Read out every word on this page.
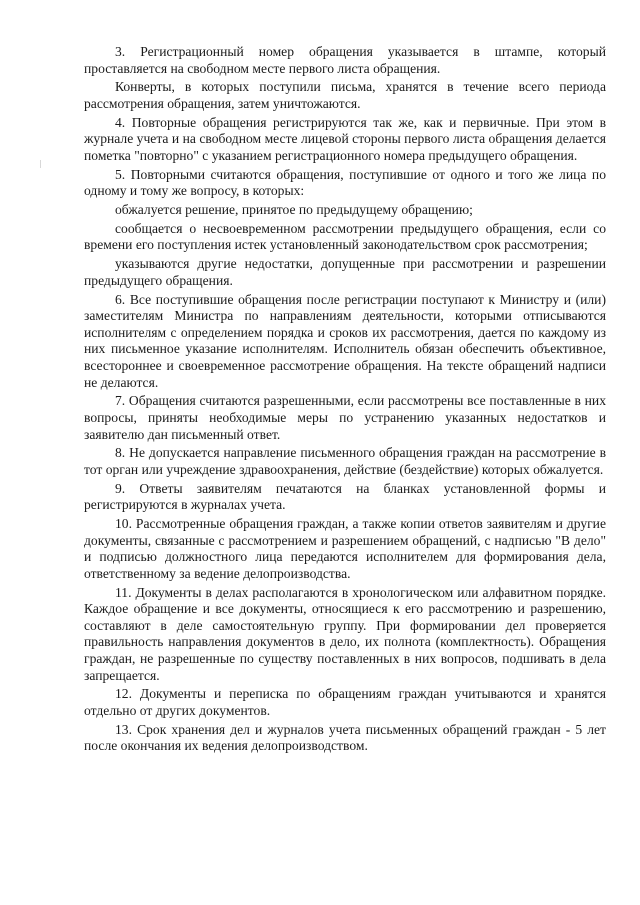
3. Регистрационный номер обращения указывается в штампе, который проставляется на свободном месте первого листа обращения.

Конверты, в которых поступили письма, хранятся в течение всего периода рассмотрения обращения, затем уничтожаются.

4. Повторные обращения регистрируются так же, как и первичные. При этом в журнале учета и на свободном месте лицевой стороны первого листа обращения делается пометка "повторно" с указанием регистрационного номера предыдущего обращения.

5. Повторными считаются обращения, поступившие от одного и того же лица по одному и тому же вопросу, в которых:

обжалуется решение, принятое по предыдущему обращению;

сообщается о несвоевременном рассмотрении предыдущего обращения, если со времени его поступления истек установленный законодательством срок рассмотрения;

указываются другие недостатки, допущенные при рассмотрении и разрешении предыдущего обращения.

6. Все поступившие обращения после регистрации поступают к Министру и (или) заместителям Министра по направлениям деятельности, которыми отписываются исполнителям с определением порядка и сроков их рассмотрения, дается по каждому из них письменное указание исполнителям. Исполнитель обязан обеспечить объективное, всестороннее и своевременное рассмотрение обращения. На тексте обращений надписи не делаются.

7. Обращения считаются разрешенными, если рассмотрены все поставленные в них вопросы, приняты необходимые меры по устранению указанных недостатков и заявителю дан письменный ответ.

8. Не допускается направление письменного обращения граждан на рассмотрение в тот орган или учреждение здравоохранения, действие (бездействие) которых обжалуется.

9. Ответы заявителям печатаются на бланках установленной формы и регистрируются в журналах учета.

10. Рассмотренные обращения граждан, а также копии ответов заявителям и другие документы, связанные с рассмотрением и разрешением обращений, с надписью "В дело" и подписью должностного лица передаются исполнителем для формирования дела, ответственному за ведение делопроизводства.

11. Документы в делах располагаются в хронологическом или алфавитном порядке. Каждое обращение и все документы, относящиеся к его рассмотрению и разрешению, составляют в деле самостоятельную группу. При формировании дел проверяется правильность направления документов в дело, их полнота (комплектность). Обращения граждан, не разрешенные по существу поставленных в них вопросов, подшивать в дела запрещается.

12. Документы и переписка по обращениям граждан учитываются и хранятся отдельно от других документов.

13. Срок хранения дел и журналов учета письменных обращений граждан - 5 лет после окончания их ведения делопроизводством.
